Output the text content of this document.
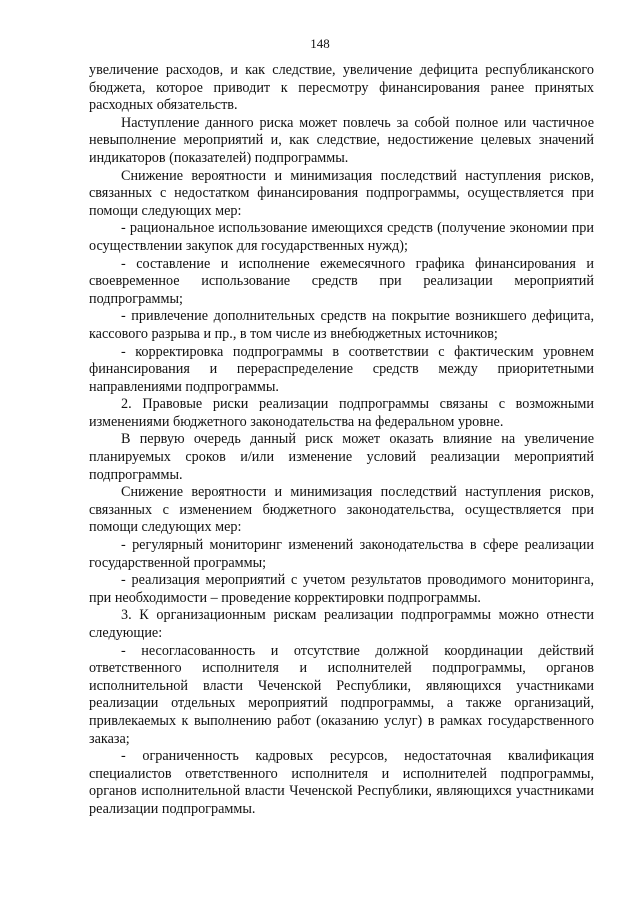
148

увеличение расходов, и как следствие, увеличение дефицита республиканского бюджета, которое приводит к пересмотру финансирования ранее принятых расходных обязательств.

Наступление данного риска может повлечь за собой полное или частичное невыполнение мероприятий и, как следствие, недостижение целевых значений индикаторов (показателей) подпрограммы.

Снижение вероятности и минимизация последствий наступления рисков, связанных с недостатком финансирования подпрограммы, осуществляется при помощи следующих мер:

- рациональное использование имеющихся средств (получение экономии при осуществлении закупок для государственных нужд);

- составление и исполнение ежемесячного графика финансирования и своевременное использование средств при реализации мероприятий подпрограммы;

- привлечение дополнительных средств на покрытие возникшего дефицита, кассового разрыва и пр., в том числе из внебюджетных источников;

- корректировка подпрограммы в соответствии с фактическим уровнем финансирования и перераспределение средств между приоритетными направлениями подпрограммы.

2. Правовые риски реализации подпрограммы связаны с возможными изменениями бюджетного законодательства на федеральном уровне.

В первую очередь данный риск может оказать влияние на увеличение планируемых сроков и/или изменение условий реализации мероприятий подпрограммы.

Снижение вероятности и минимизация последствий наступления рисков, связанных с изменением бюджетного законодательства, осуществляется при помощи следующих мер:

- регулярный мониторинг изменений законодательства в сфере реализации государственной программы;

- реализация мероприятий с учетом результатов проводимого мониторинга, при необходимости – проведение корректировки подпрограммы.

3. К организационным рискам реализации подпрограммы можно отнести следующие:

- несогласованность и отсутствие должной координации действий ответственного исполнителя и исполнителей подпрограммы, органов исполнительной власти Чеченской Республики, являющихся участниками реализации отдельных мероприятий подпрограммы, а также организаций, привлекаемых к выполнению работ (оказанию услуг) в рамках государственного заказа;

- ограниченность кадровых ресурсов, недостаточная квалификация специалистов ответственного исполнителя и исполнителей подпрограммы, органов исполнительной власти Чеченской Республики, являющихся участниками реализации подпрограммы.
